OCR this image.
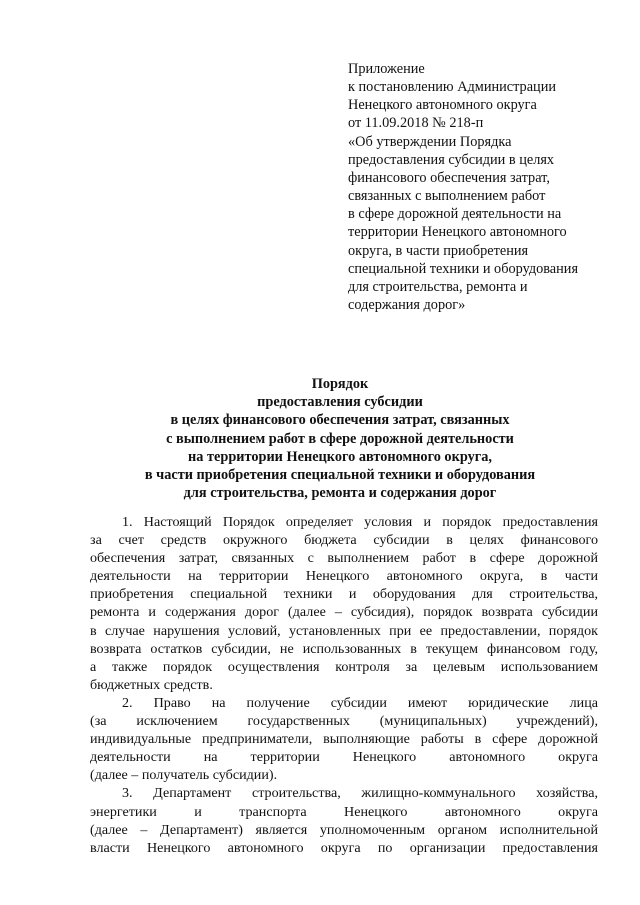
Приложение
к постановлению Администрации
Ненецкого автономного округа
от 11.09.2018 № 218-п
«Об утверждении Порядка
предоставления субсидии в целях
финансового обеспечения затрат,
связанных с выполнением работ
в сфере дорожной деятельности на
территории Ненецкого автономного
округа, в части приобретения
специальной техники и оборудования
для строительства, ремонта и
содержания дорог»
Порядок
предоставления субсидии
в целях финансового обеспечения затрат, связанных
с выполнением работ в сфере дорожной деятельности
на территории Ненецкого автономного округа,
в части приобретения специальной техники и оборудования
для строительства, ремонта и содержания дорог
1. Настоящий Порядок определяет условия и порядок предоставления
за счет средств окружного бюджета субсидии в целях финансового
обеспечения затрат, связанных с выполнением работ в сфере дорожной
деятельности на территории Ненецкого автономного округа, в части
приобретения специальной техники и оборудования для строительства,
ремонта и содержания дорог (далее – субсидия), порядок возврата субсидии
в случае нарушения условий, установленных при ее предоставлении, порядок
возврата остатков субсидии, не использованных в текущем финансовом году,
а также порядок осуществления контроля за целевым использованием
бюджетных средств.
2. Право на получение субсидии имеют юридические лица
(за исключением государственных (муниципальных) учреждений),
индивидуальные предприниматели, выполняющие работы в сфере дорожной
деятельности на территории Ненецкого автономного округа
(далее – получатель субсидии).
3. Департамент строительства, жилищно-коммунального хозяйства,
энергетики и транспорта Ненецкого автономного округа
(далее – Департамент) является уполномоченным органом исполнительной
власти Ненецкого автономного округа по организации предоставления
